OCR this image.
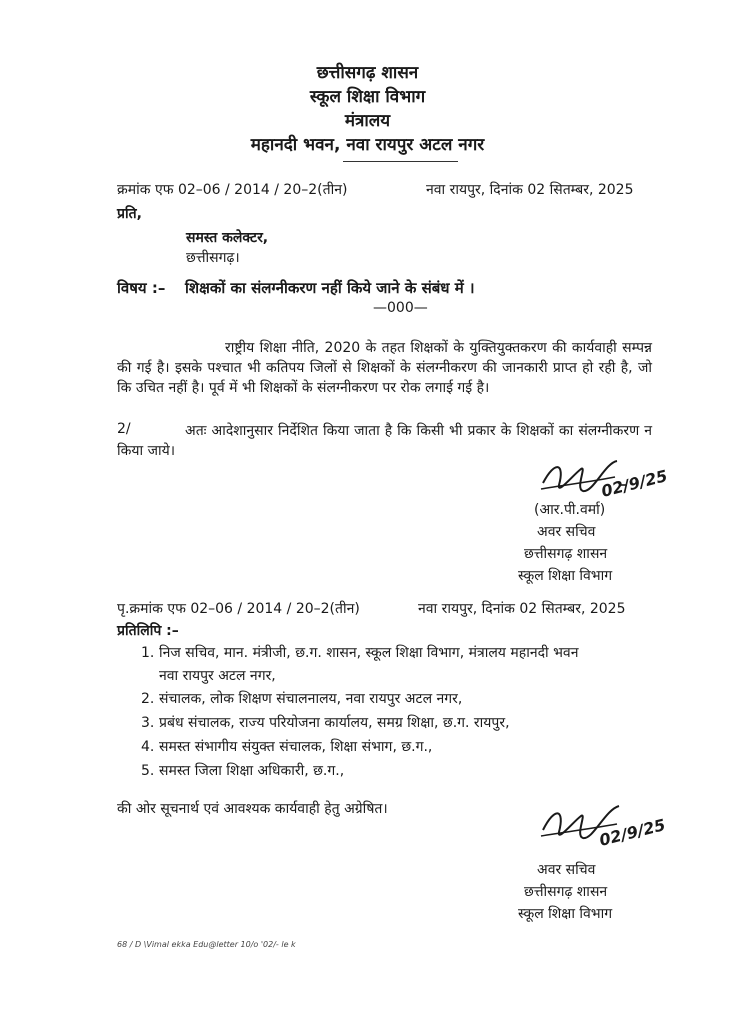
छत्तीसगढ़ शासन
स्कूल शिक्षा विभाग
मंत्रालय
महानदी भवन, नवा रायपुर अटल नगर
क्रमांक एफ 02–06 / 2014 / 20–2(तीन)	नवा रायपुर, दिनांक 02 सितम्बर, 2025
प्रति,
समस्त कलेक्टर,
छत्तीसगढ़।
विषय :– शिक्षकों का संलग्नीकरण नहीं किये जाने के संबंध में ।
—000—
राष्ट्रीय शिक्षा नीति, 2020 के तहत शिक्षकों के युक्तियुक्तकरण की कार्यवाही सम्पन्न की गई है। इसके पश्चात भी कतिपय जिलों से शिक्षकों के संलग्नीकरण की जानकारी प्राप्त हो रही है, जो कि उचित नहीं है। पूर्व में भी शिक्षकों के संलग्नीकरण पर रोक लगाई गई है।
2/	अतः आदेशानुसार निर्देशित किया जाता है कि किसी भी प्रकार के शिक्षकों का संलग्नीकरण न किया जाये।
02/9/25
(आर.पी.वर्मा)
अवर सचिव
छत्तीसगढ़ शासन
स्कूल शिक्षा विभाग
पृ.क्रमांक एफ 02–06 / 2014 / 20–2(तीन)	नवा रायपुर, दिनांक 02 सितम्बर, 2025
प्रतिलिपि :–
1. निज सचिव, मान. मंत्रीजी, छ.ग. शासन, स्कूल शिक्षा विभाग, मंत्रालय महानदी भवन
नवा रायपुर अटल नगर,
2. संचालक, लोक शिक्षण संचालनालय, नवा रायपुर अटल नगर,
3. प्रबंध संचालक, राज्य परियोजना कार्यालय, समग्र शिक्षा, छ.ग. रायपुर,
4. समस्त संभागीय संयुक्त संचालक, शिक्षा संभाग, छ.ग.,
5. समस्त जिला शिक्षा अधिकारी, छ.ग.,
की ओर सूचनार्थ एवं आवश्यक कार्यवाही हेतु अग्रेषित।
02/9/25
अवर सचिव
छत्तीसगढ़ शासन
स्कूल शिक्षा विभाग
68 / D \Vimal ekka Edu@letter 10/o '02/- le k
